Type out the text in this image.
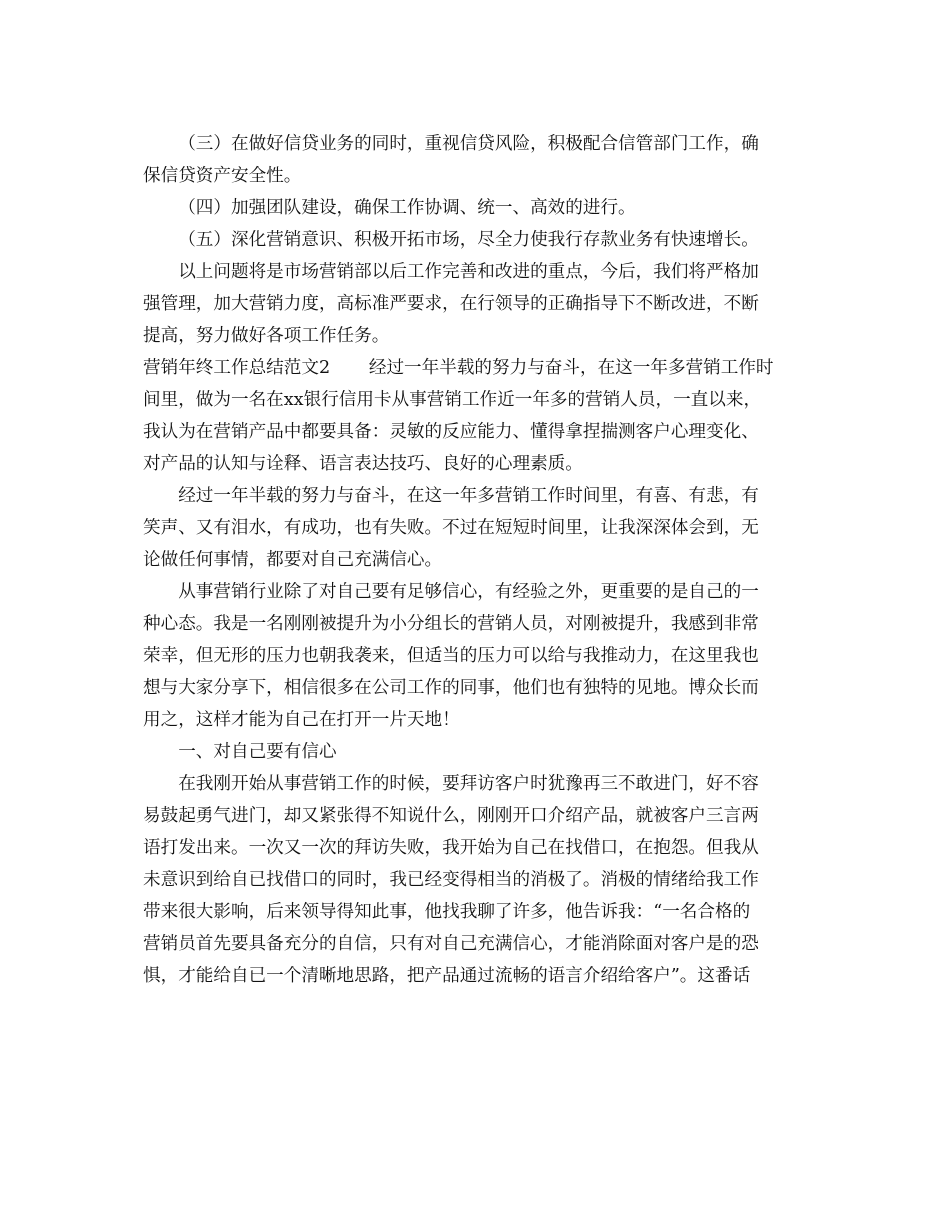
（三）在做好信贷业务的同时，重视信贷风险，积极配合信管部门工作，确
保信贷资产安全性。
（四）加强团队建设，确保工作协调、统一、高效的进行。
（五）深化营销意识、积极开拓市场，尽全力使我行存款业务有快速增长。
以上问题将是市场营销部以后工作完善和改进的重点，今后，我们将严格加
强管理，加大营销力度，高标准严要求，在行领导的正确指导下不断改进，不断
提高，努力做好各项工作任务。
营销年终工作总结范文2 经过一年半载的努力与奋斗，在这一年多营销工作时
间里，做为一名在xx银行信用卡从事营销工作近一年多的营销人员，一直以来，
我认为在营销产品中都要具备：灵敏的反应能力、懂得拿捏揣测客户心理变化、
对产品的认知与诠释、语言表达技巧、良好的心理素质。
经过一年半载的努力与奋斗，在这一年多营销工作时间里，有喜、有悲，有
笑声、又有泪水，有成功，也有失败。不过在短短时间里，让我深深体会到，无
论做任何事情，都要对自己充满信心。
从事营销行业除了对自己要有足够信心，有经验之外，更重要的是自己的一
种心态。我是一名刚刚被提升为小分组长的营销人员，对刚被提升，我感到非常
荣幸，但无形的压力也朝我袭来，但适当的压力可以给与我推动力，在这里我也
想与大家分享下，相信很多在公司工作的同事，他们也有独特的见地。博众长而
用之，这样才能为自己在打开一片天地！
一、对自己要有信心
在我刚开始从事营销工作的时候，要拜访客户时犹豫再三不敢进门，好不容
易鼓起勇气进门，却又紧张得不知说什么，刚刚开口介绍产品，就被客户三言两
语打发出来。一次又一次的拜访失败，我开始为自己在找借口，在抱怨。但我从
未意识到给自已找借口的同时，我已经变得相当的消极了。消极的情绪给我工作
带来很大影响，后来领导得知此事，他找我聊了许多，他告诉我：“一名合格的
营销员首先要具备充分的自信，只有对自己充满信心，才能消除面对客户是的恐
惧，才能给自已一个清晰地思路，把产品通过流畅的语言介绍给客户”。这番话
